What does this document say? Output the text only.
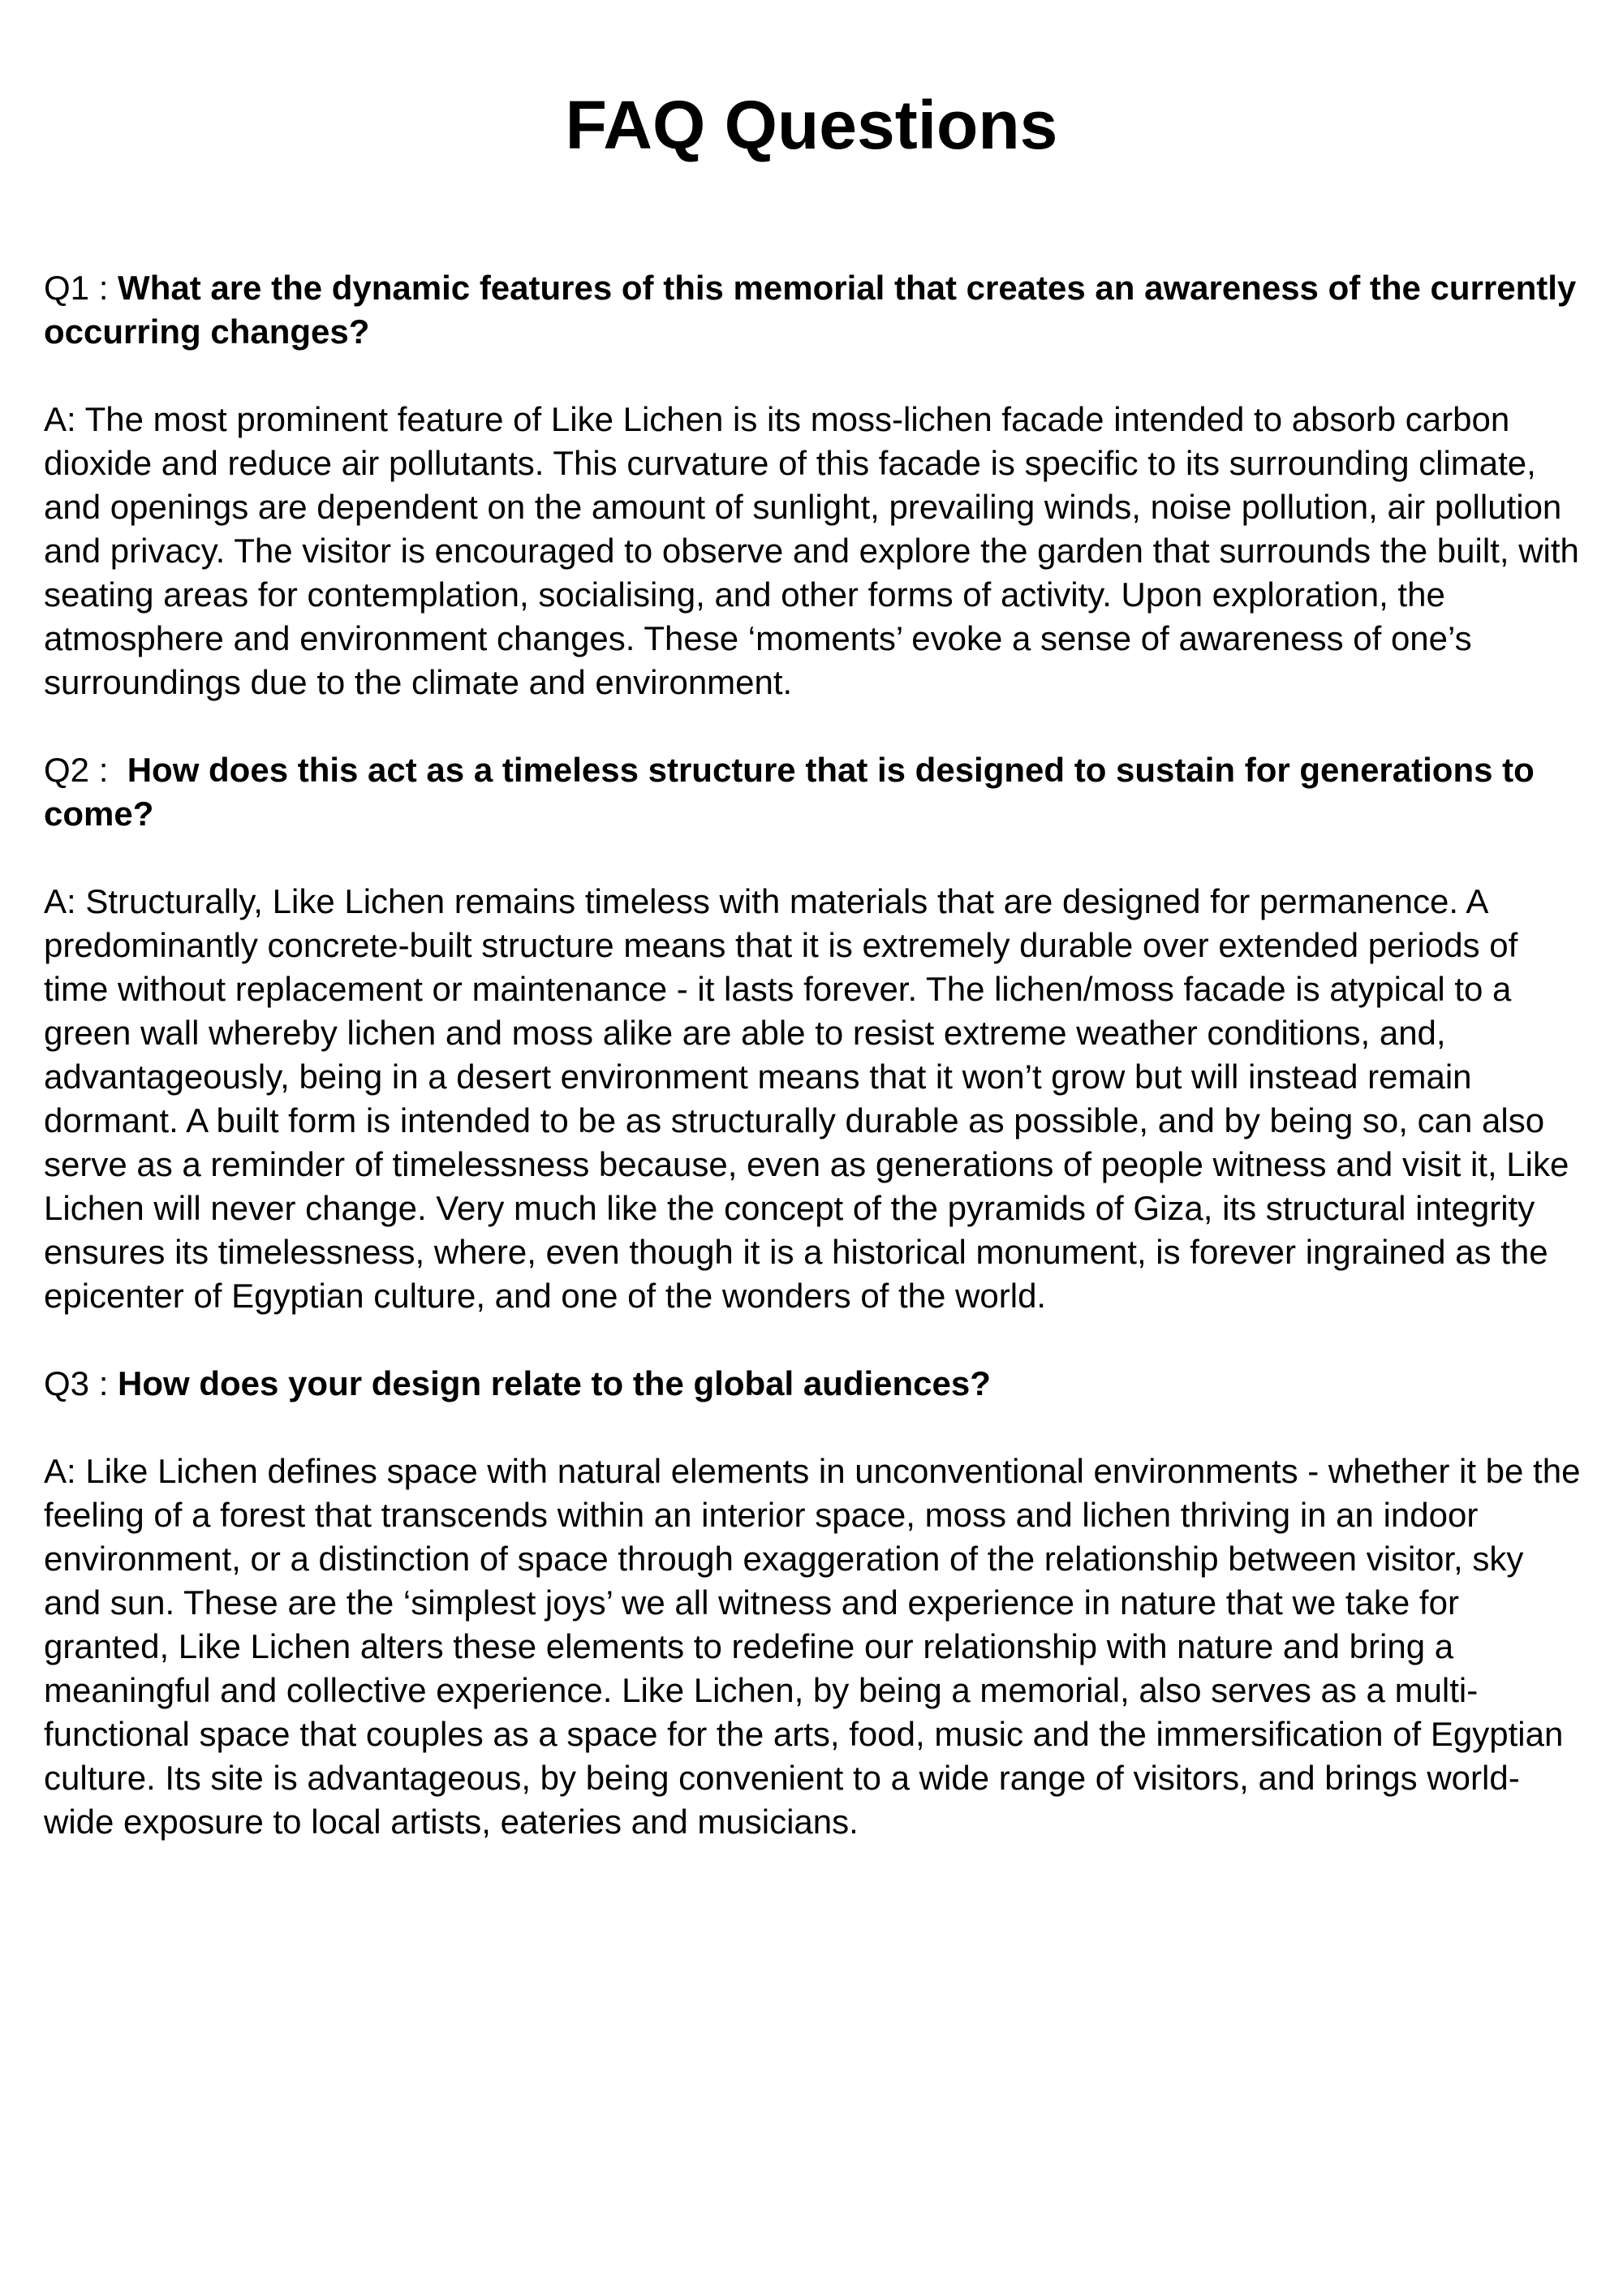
FAQ Questions

Q1 : What are the dynamic features of this memorial that creates an awareness of the currently occurring changes?

A: The most prominent feature of Like Lichen is its moss-lichen facade intended to absorb carbon dioxide and reduce air pollutants. This curvature of this facade is specific to its surrounding climate, and openings are dependent on the amount of sunlight, prevailing winds, noise pollution, air pollution and privacy. The visitor is encouraged to observe and explore the garden that surrounds the built, with seating areas for contemplation, socialising, and other forms of activity. Upon exploration, the atmosphere and environment changes. These ‘moments’ evoke a sense of awareness of one’s surroundings due to the climate and environment.

Q2 :  How does this act as a timeless structure that is designed to sustain for generations to come?

A: Structurally, Like Lichen remains timeless with materials that are designed for permanence. A predominantly concrete-built structure means that it is extremely durable over extended periods of time without replacement or maintenance - it lasts forever. The lichen/moss facade is atypical to a green wall whereby lichen and moss alike are able to resist extreme weather conditions, and, advantageously, being in a desert environment means that it won’t grow but will instead remain dormant. A built form is intended to be as structurally durable as possible, and by being so, can also serve as a reminder of timelessness because, even as generations of people witness and visit it, Like Lichen will never change. Very much like the concept of the pyramids of Giza, its structural integrity ensures its timelessness, where, even though it is a historical monument, is forever ingrained as the epicenter of Egyptian culture, and one of the wonders of the world.

Q3 : How does your design relate to the global audiences?

A: Like Lichen defines space with natural elements in unconventional environments - whether it be the feeling of a forest that transcends within an interior space, moss and lichen thriving in an indoor environment, or a distinction of space through exaggeration of the relationship between visitor, sky and sun. These are the ‘simplest joys’ we all witness and experience in nature that we take for granted, Like Lichen alters these elements to redefine our relationship with nature and bring a meaningful and collective experience. Like Lichen, by being a memorial, also serves as a multi-functional space that couples as a space for the arts, food, music and the immersification of Egyptian culture. Its site is advantageous, by being convenient to a wide range of visitors, and brings world-wide exposure to local artists, eateries and musicians.
